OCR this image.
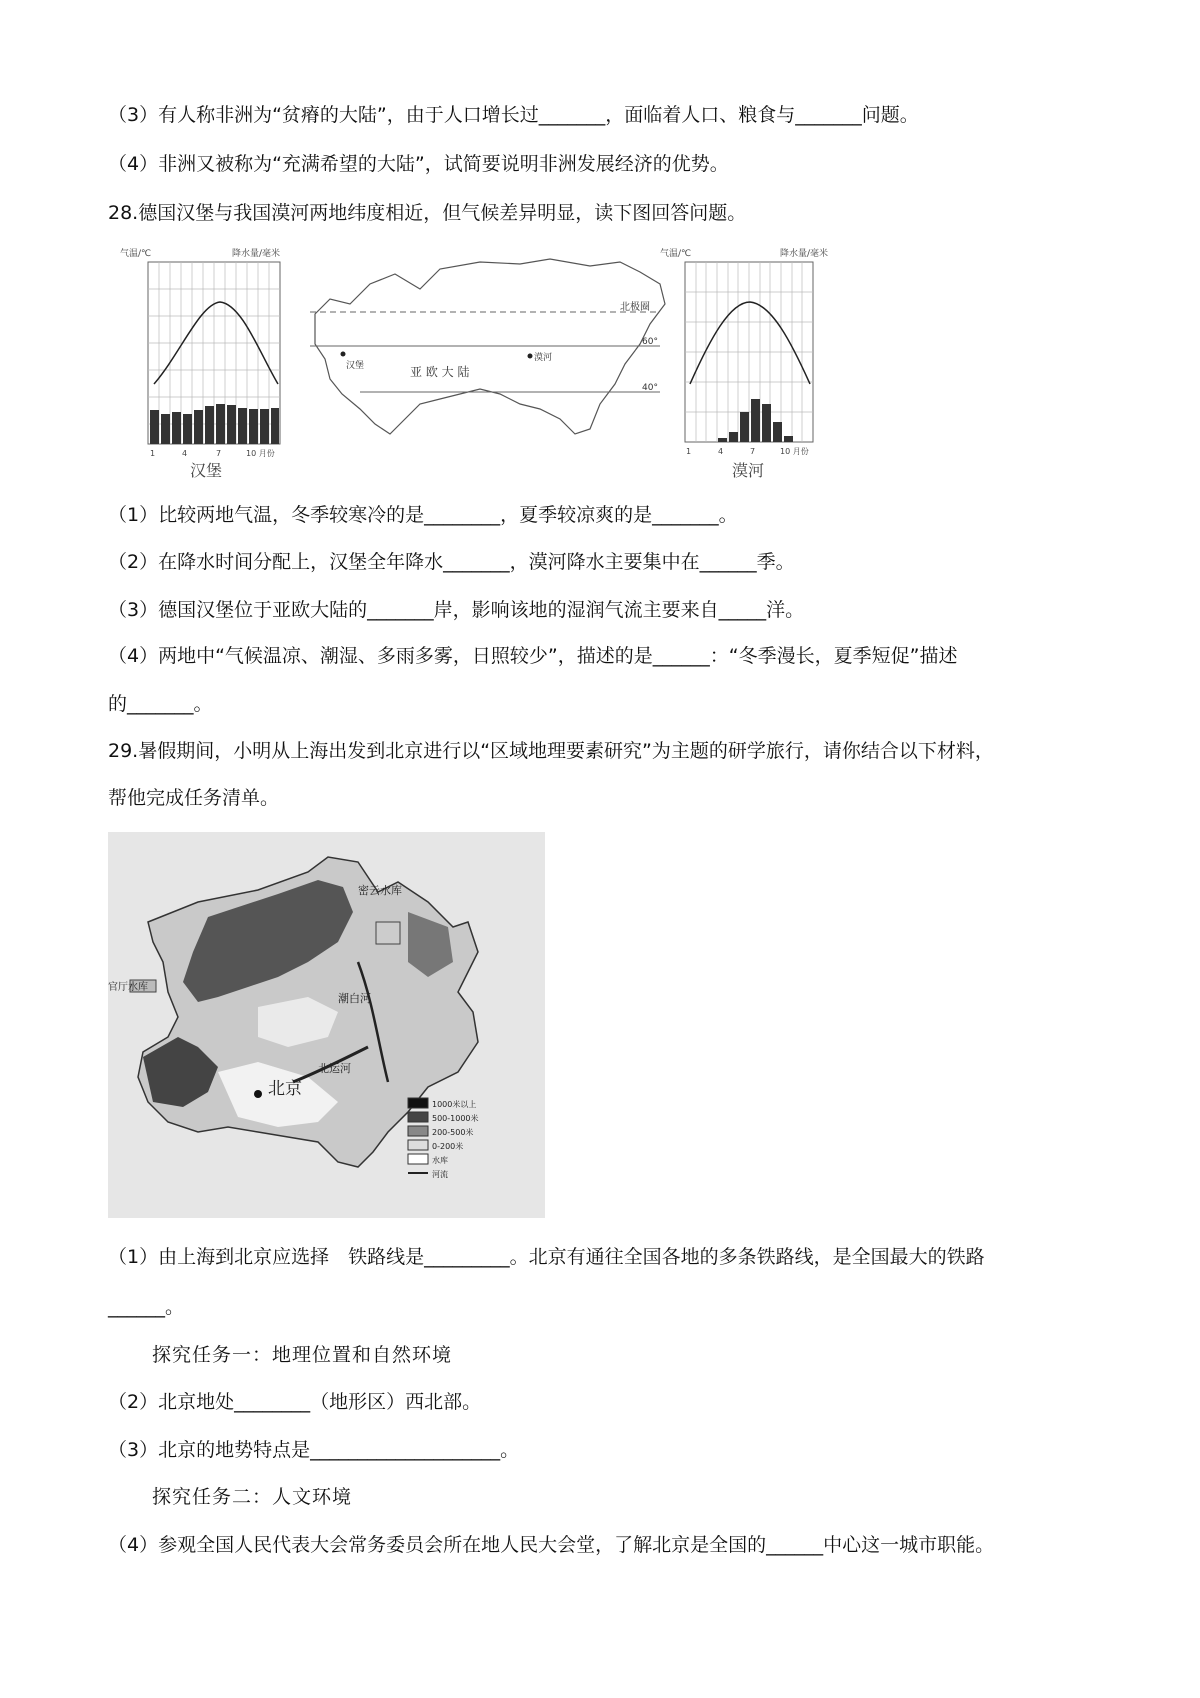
（3）有人称非洲为“贫瘠的大陆”，由于人口增长过_______，面临着人口、粮食与_______问题。
（4）非洲又被称为“充满希望的大陆”，试简要说明非洲发展经济的优势。
28.德国汉堡与我国漠河两地纬度相近，但气候差异明显，读下图回答问题。
气温/℃	降水量/毫米
1	4	7	10 月份
汉堡
北极圈
60°
40°
汉堡
漠河
亚 欧 大 陆
气温/℃	降水量/毫米
1	4	7	10 月份
漠河
（1）比较两地气温，冬季较寒冷的是________，夏季较凉爽的是_______。
（2）在降水时间分配上，汉堡全年降水_______，漠河降水主要集中在______季。
（3）德国汉堡位于亚欧大陆的_______岸，影响该地的湿润气流主要来自_____洋。
（4）两地中“气候温凉、潮湿、多雨多雾，日照较少”，描述的是______：“冬季漫长，夏季短促”描述
的_______。
29.暑假期间，小明从上海出发到北京进行以“区域地理要素研究”为主题的研学旅行，请你结合以下材料，
帮他完成任务清单。
密云水库
官厅水库
北京
潮白河
北运河
1000米以上
500-1000米
200-500米
0-200米
水库
河流
（1）由上海到北京应选择　铁路线是_________。北京有通往全国各地的多条铁路线，是全国最大的铁路
______。
探究任务一：地理位置和自然环境
（2）北京地处________（地形区）西北部。
（3）北京的地势特点是____________________。
探究任务二：人文环境
（4）参观全国人民代表大会常务委员会所在地人民大会堂，了解北京是全国的______中心这一城市职能。
